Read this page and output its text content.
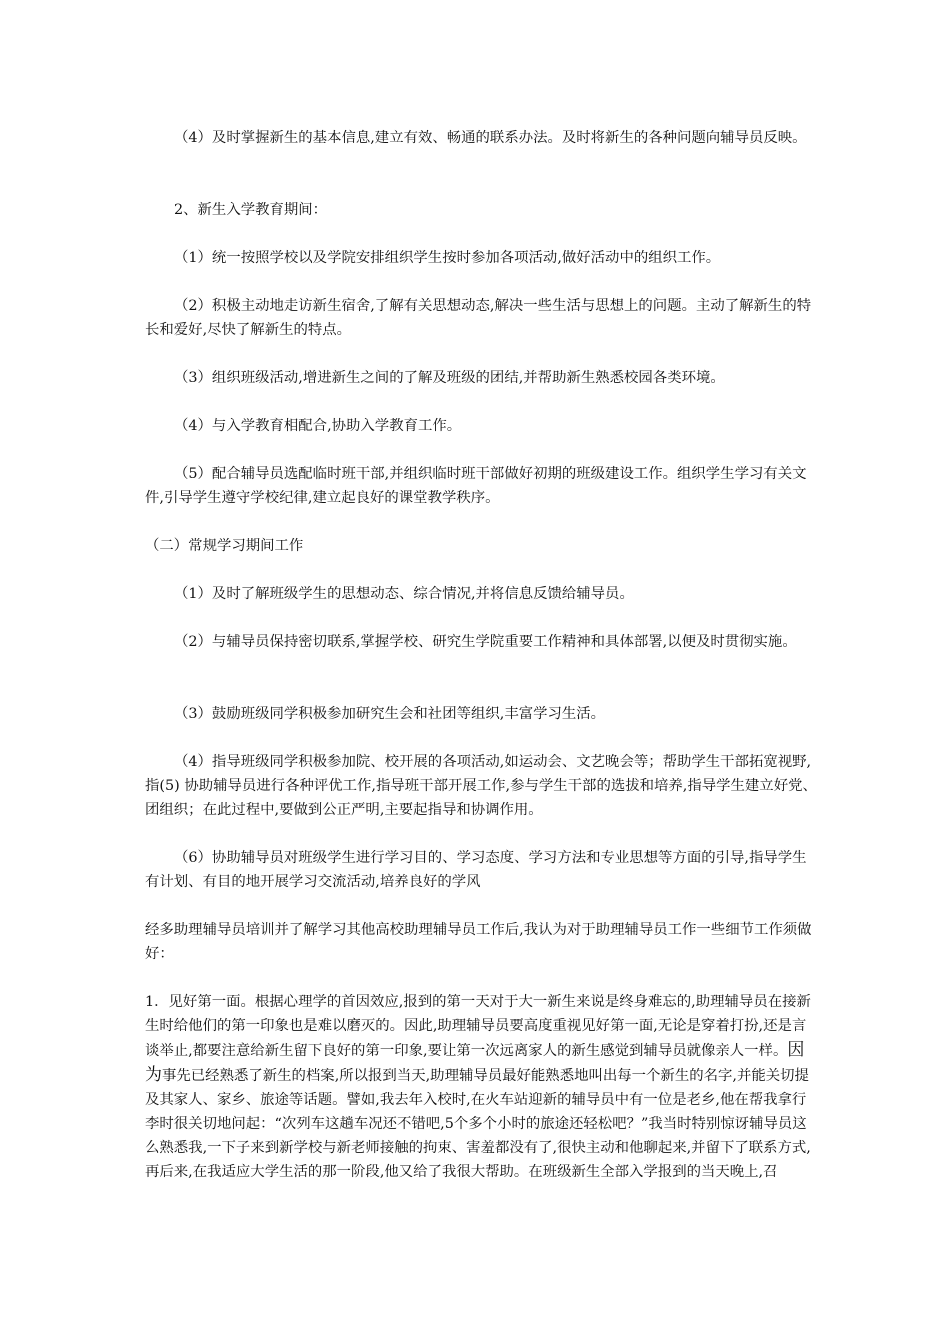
（4）及时掌握新生的基本信息,建立有效、畅通的联系办法。及时将新生的各种问题向辅导员反映。

2、新生入学教育期间：

（1）统一按照学校以及学院安排组织学生按时参加各项活动,做好活动中的组织工作。

（2）积极主动地走访新生宿舍,了解有关思想动态,解决一些生活与思想上的问题。主动了解新生的特长和爱好,尽快了解新生的特点。

（3）组织班级活动,增进新生之间的了解及班级的团结,并帮助新生熟悉校园各类环境。

（4）与入学教育相配合,协助入学教育工作。

（5）配合辅导员选配临时班干部,并组织临时班干部做好初期的班级建设工作。组织学生学习有关文件,引导学生遵守学校纪律,建立起良好的课堂教学秩序。

（二）常规学习期间工作

（1）及时了解班级学生的思想动态、综合情况,并将信息反馈给辅导员。

（2）与辅导员保持密切联系,掌握学校、研究生学院重要工作精神和具体部署,以便及时贯彻实施。

（3）鼓励班级同学积极参加研究生会和社团等组织,丰富学习生活。

（4）指导班级同学积极参加院、校开展的各项活动,如运动会、文艺晚会等；帮助学生干部拓宽视野,指(5) 协助辅导员进行各种评优工作,指导班干部开展工作,参与学生干部的选拔和培养,指导学生建立好党、团组织；在此过程中,要做到公正严明,主要起指导和协调作用。

（6）协助辅导员对班级学生进行学习目的、学习态度、学习方法和专业思想等方面的引导,指导学生有计划、有目的地开展学习交流活动,培养良好的学风

经多助理辅导员培训并了解学习其他高校助理辅导员工作后,我认为对于助理辅导员工作一些细节工作须做好：

1．见好第一面。根据心理学的首因效应,报到的第一天对于大一新生来说是终身难忘的,助理辅导员在接新生时给他们的第一印象也是难以磨灭的。因此,助理辅导员要高度重视见好第一面,无论是穿着打扮,还是言谈举止,都要注意给新生留下良好的第一印象,要让第一次远离家人的新生感觉到辅导员就像亲人一样。因为事先已经熟悉了新生的档案,所以报到当天,助理辅导员最好能熟悉地叫出每一个新生的名字,并能关切提及其家人、家乡、旅途等话题。譬如,我去年入校时,在火车站迎新的辅导员中有一位是老乡,他在帮我拿行李时很关切地问起：“次列车这趟车况还不错吧,5个多个小时的旅途还轻松吧？”我当时特别惊讶辅导员这么熟悉我,一下子来到新学校与新老师接触的拘束、害羞都没有了,很快主动和他聊起来,并留下了联系方式,再后来,在我适应大学生活的那一阶段,他又给了我很大帮助。在班级新生全部入学报到的当天晚上,召
